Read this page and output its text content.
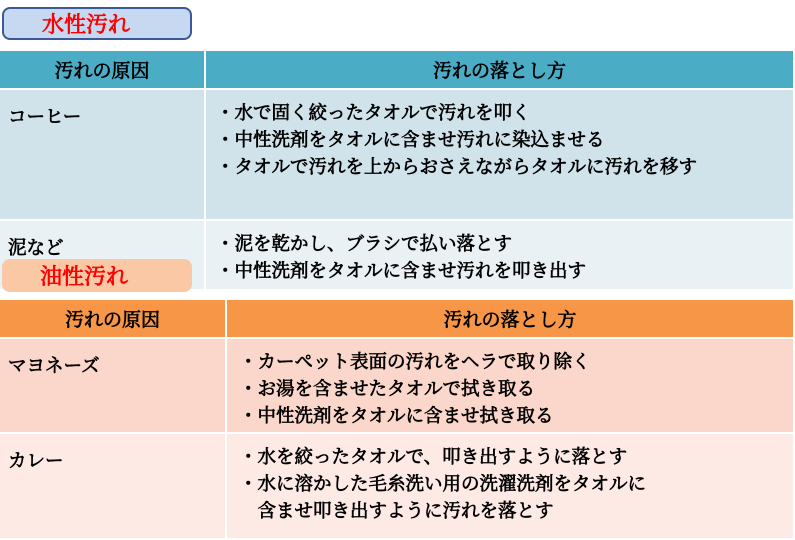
水性汚れ
汚れの原因	汚れの落とし方
コーヒー	・水で固く絞ったタオルで汚れを叩く
・中性洗剤をタオルに含ませ汚れに染込ませる
・タオルで汚れを上からおさえながらタオルに汚れを移す

泥など	・泥を乾かし、ブラシで払い落とす
・中性洗剤をタオルに含ませ汚れを叩き出す
油性汚れ
汚れの原因	汚れの落とし方
マヨネーズ	・カーペット表面の汚れをヘラで取り除く
・お湯を含ませたタオルで拭き取る
・中性洗剤をタオルに含ませ拭き取る

カレー	・水を絞ったタオルで、叩き出すように落とす
・水に溶かした毛糸洗い用の洗濯洗剤をタオルに
　含ませ叩き出すように汚れを落とす
